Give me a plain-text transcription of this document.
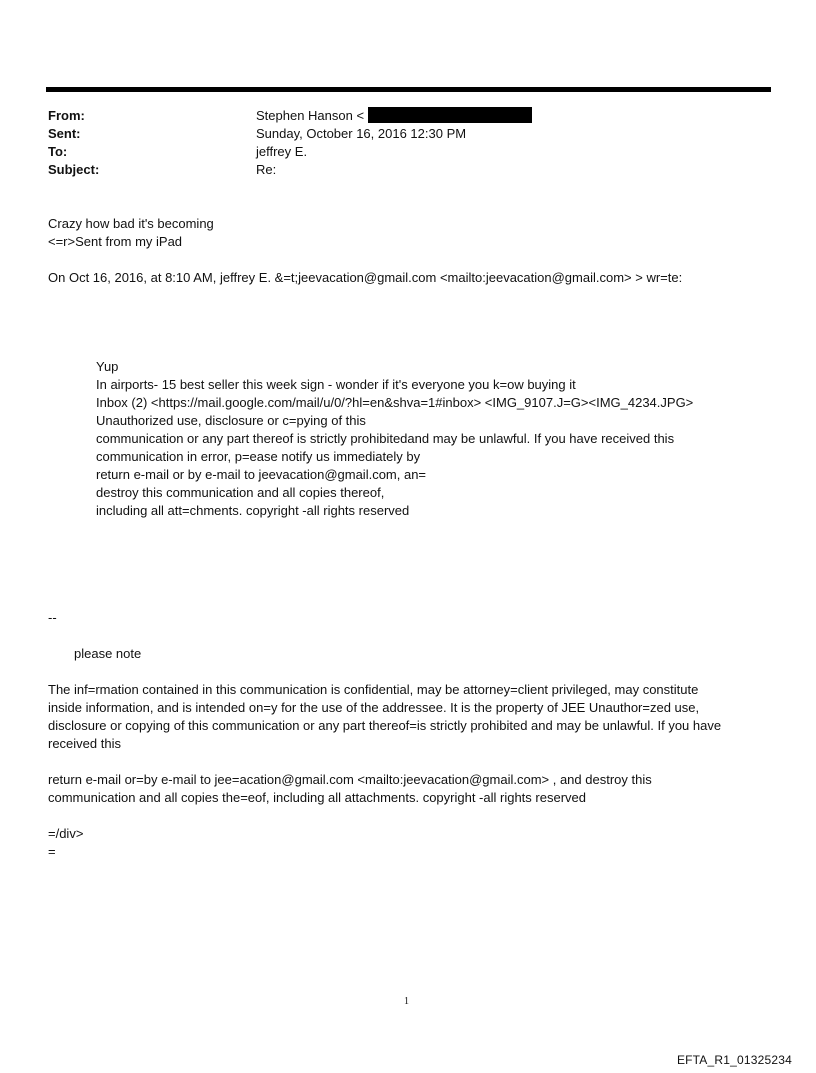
From:	Stephen Hanson <
Sent:	Sunday, October 16, 2016 12:30 PM
To:	jeffrey E.
Subject:	Re:
Crazy how bad it's becoming
<=r>Sent from my iPad
On Oct 16, 2016, at 8:10 AM, jeffrey E. &=t;jeevacation@gmail.com <mailto:jeevacation@gmail.com> > wr=te:
Yup
In airports- 15 best seller this week sign - wonder if it's everyone you k=ow buying it
Inbox (2) <https://mail.google.com/mail/u/0/?hl=en&shva=1#inbox> <IMG_9107.J=G><IMG_4234.JPG>
Unauthorized use, disclosure or c=pying of this
communication or any part thereof is strictly prohibitedand may be unlawful. If you have received this
communication in error, p=ease notify us immediately by
return e-mail or by e-mail to jeevacation@gmail.com, an=
destroy this communication and all copies thereof,
including all att=chments. copyright -all rights reserved
--
please note
The inf=rmation contained in this communication is confidential, may be attorney=client privileged, may constitute
inside information, and is intended on=y for the use of the addressee. It is the property of JEE Unauthor=zed use,
disclosure or copying of this communication or any part thereof=is strictly prohibited and may be unlawful. If you have
received this
return e-mail or=by e-mail to jee=acation@gmail.com <mailto:jeevacation@gmail.com> , and destroy this
communication and all copies the=eof, including all attachments. copyright -all rights reserved
=/div>
=
1
EFTA_R1_01325234
